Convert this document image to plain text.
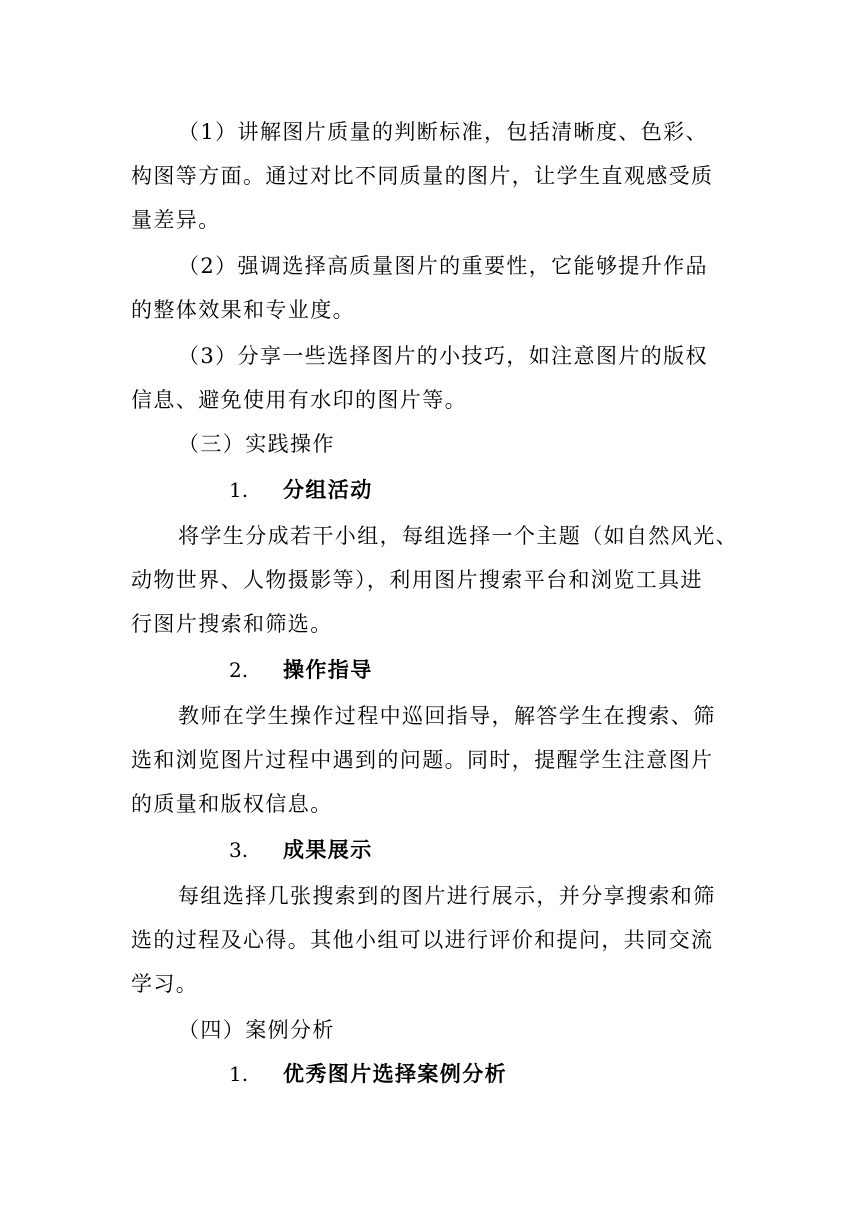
（1）讲解图片质量的判断标准，包括清晰度、色彩、
构图等方面。通过对比不同质量的图片，让学生直观感受质
量差异。
（2）强调选择高质量图片的重要性，它能够提升作品
的整体效果和专业度。
（3）分享一些选择图片的小技巧，如注意图片的版权
信息、避免使用有水印的图片等。
（三）实践操作
1. 分组活动
将学生分成若干小组，每组选择一个主题（如自然风光、
动物世界、人物摄影等），利用图片搜索平台和浏览工具进
行图片搜索和筛选。
2. 操作指导
教师在学生操作过程中巡回指导，解答学生在搜索、筛
选和浏览图片过程中遇到的问题。同时，提醒学生注意图片
的质量和版权信息。
3. 成果展示
每组选择几张搜索到的图片进行展示，并分享搜索和筛
选的过程及心得。其他小组可以进行评价和提问，共同交流
学习。
（四）案例分析
1. 优秀图片选择案例分析
